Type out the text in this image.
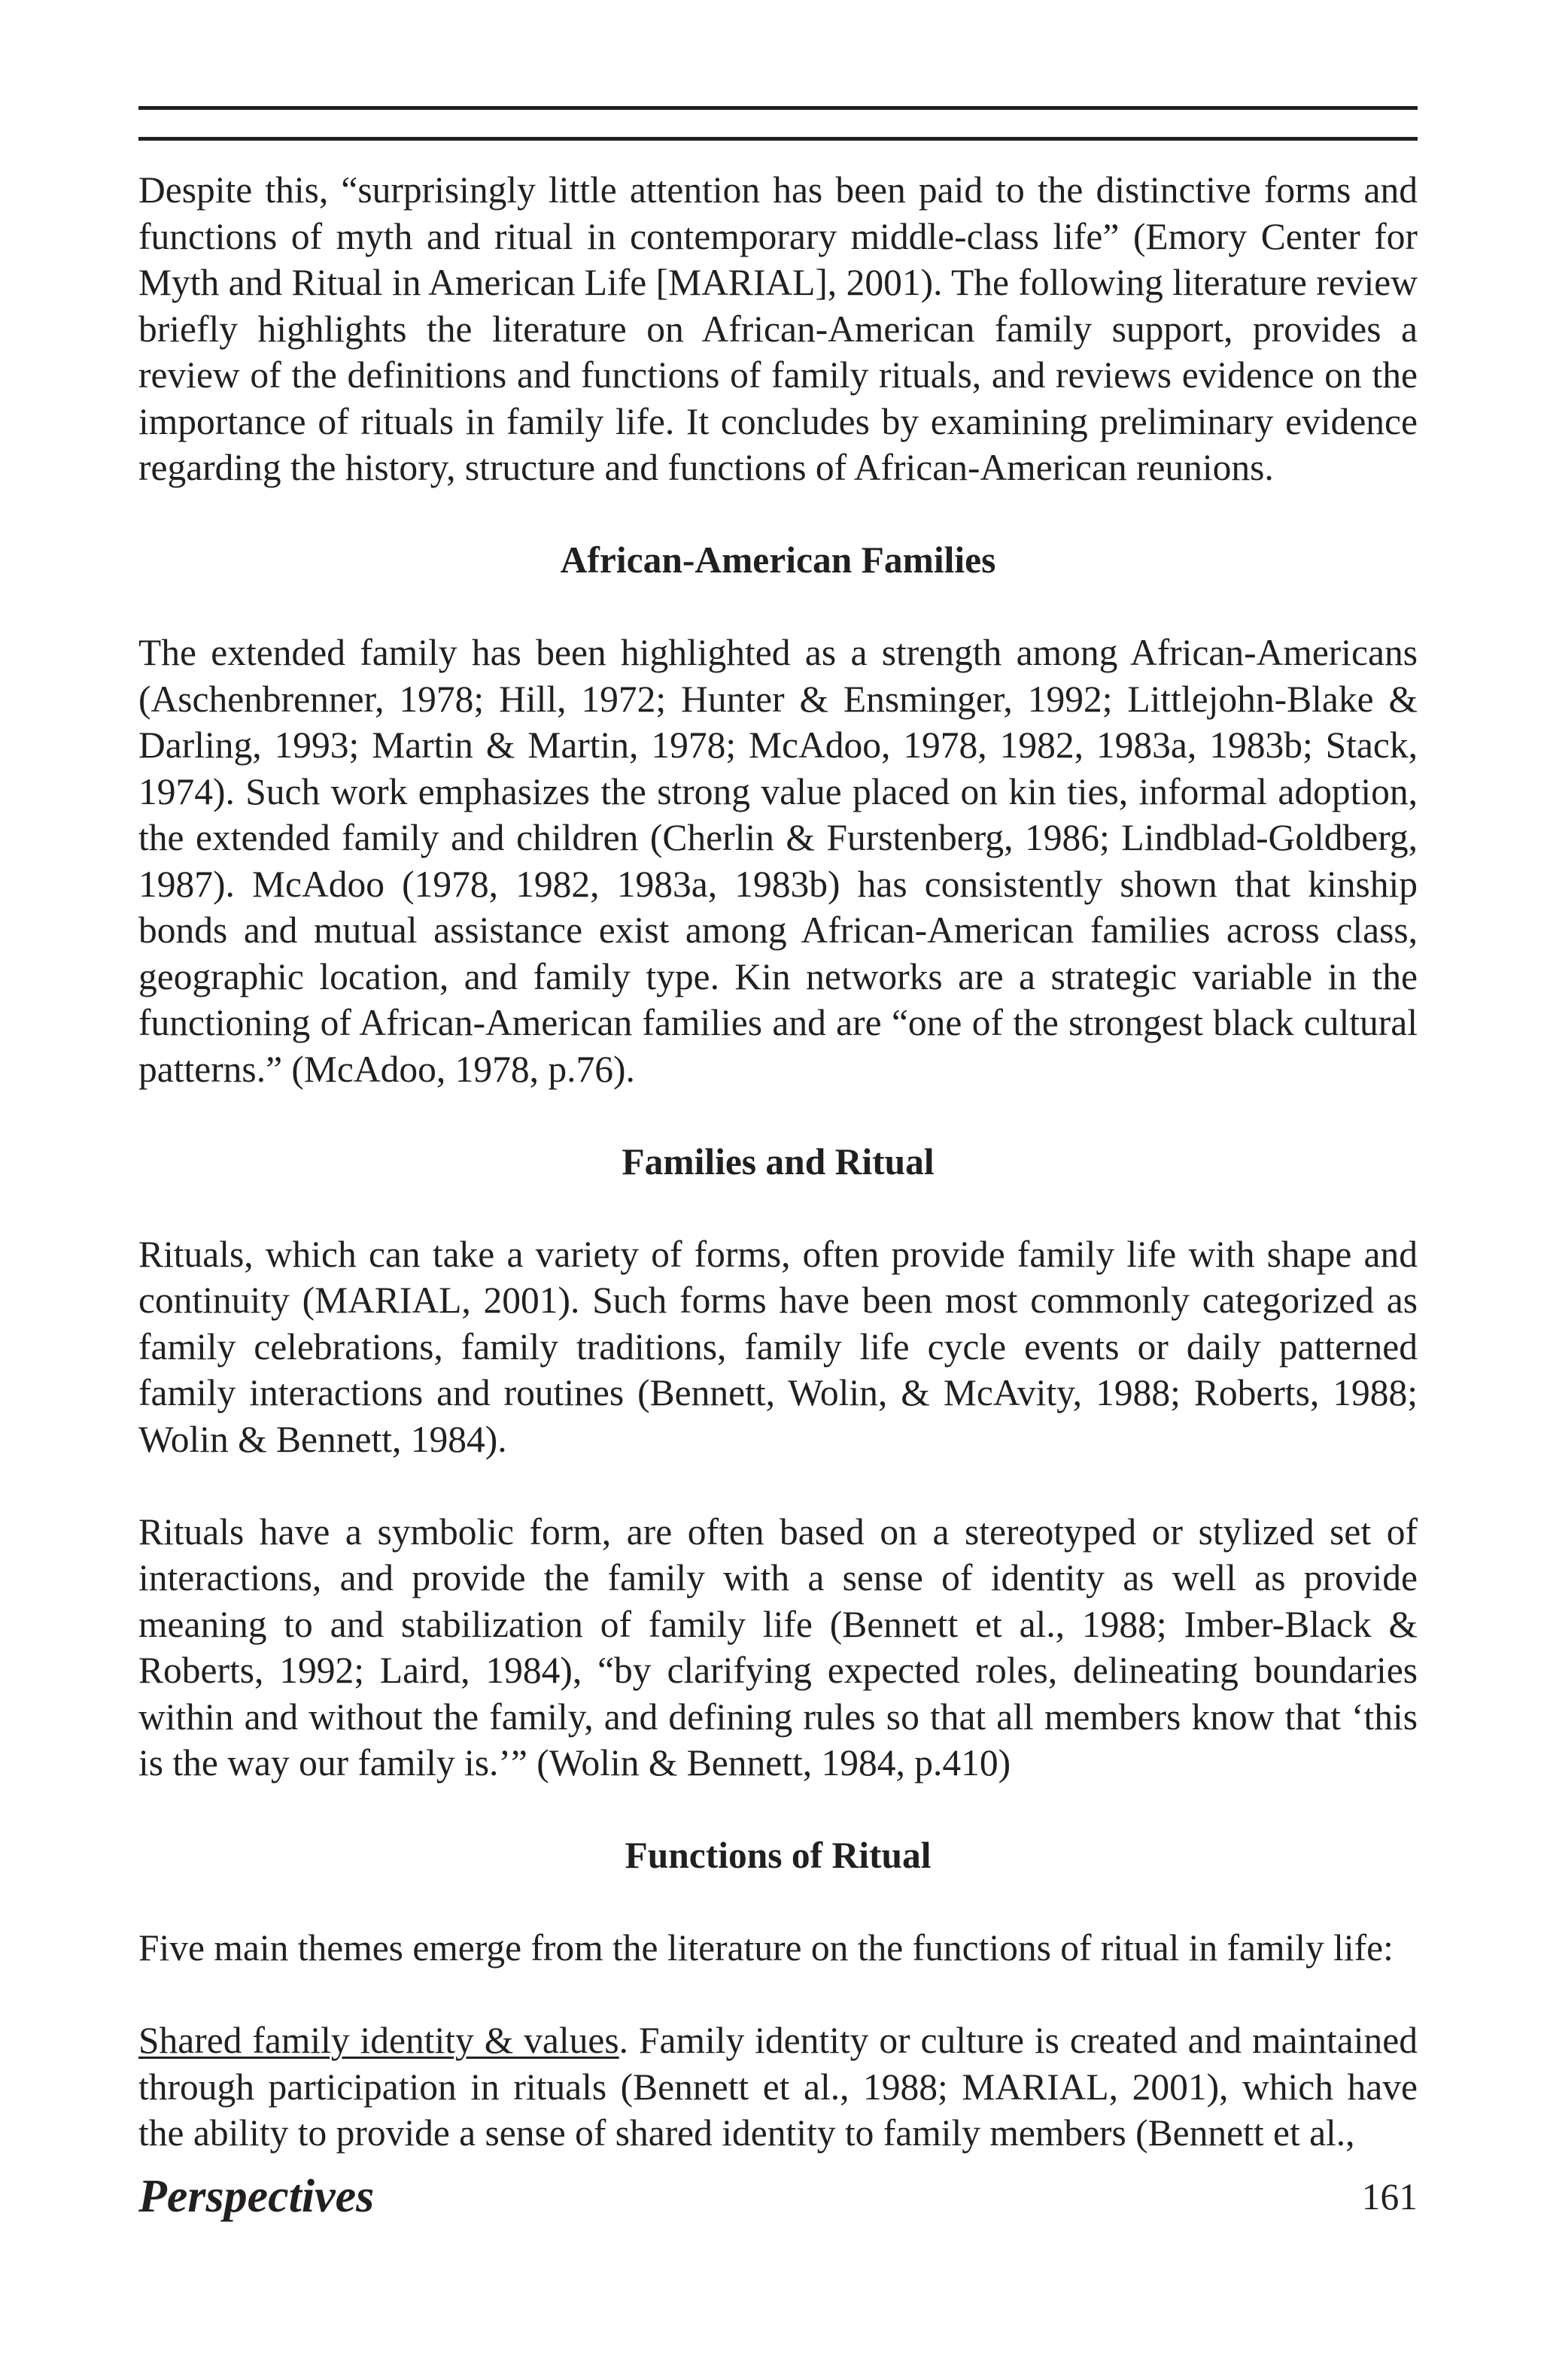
Despite this, “surprisingly little attention has been paid to the distinctive forms and functions of myth and ritual in contemporary middle-class life” (Emory Center for Myth and Ritual in American Life [MARIAL], 2001). The following literature review briefly highlights the literature on African-American family support, provides a review of the definitions and functions of family rituals, and reviews evidence on the importance of rituals in family life. It concludes by examining preliminary evidence regarding the history, structure and functions of African-American reunions.

African-American Families

The extended family has been highlighted as a strength among African-Americans (Aschenbrenner, 1978; Hill, 1972; Hunter & Ensminger, 1992; Littlejohn-Blake & Darling, 1993; Martin & Martin, 1978; McAdoo, 1978, 1982, 1983a, 1983b; Stack, 1974). Such work emphasizes the strong value placed on kin ties, informal adoption, the extended family and children (Cherlin & Furstenberg, 1986; Lindblad-Goldberg, 1987). McAdoo (1978, 1982, 1983a, 1983b) has consistently shown that kinship bonds and mutual assistance exist among African-American families across class, geographic location, and family type. Kin networks are a strategic variable in the functioning of African-American families and are “one of the strongest black cultural patterns.” (McAdoo, 1978, p.76).

Families and Ritual

Rituals, which can take a variety of forms, often provide family life with shape and continuity (MARIAL, 2001). Such forms have been most commonly categorized as family celebrations, family traditions, family life cycle events or daily patterned family interactions and routines (Bennett, Wolin, & McAvity, 1988; Roberts, 1988; Wolin & Bennett, 1984).

Rituals have a symbolic form, are often based on a stereotyped or stylized set of interactions, and provide the family with a sense of identity as well as provide meaning to and stabilization of family life (Bennett et al., 1988; Imber-Black & Roberts, 1992; Laird, 1984), “by clarifying expected roles, delineating boundaries within and without the family, and defining rules so that all members know that ‘this is the way our family is.’” (Wolin & Bennett, 1984, p.410)

Functions of Ritual

Five main themes emerge from the literature on the functions of ritual in family life:

Shared family identity & values. Family identity or culture is created and maintained through participation in rituals (Bennett et al., 1988; MARIAL, 2001), which have the ability to provide a sense of shared identity to family members (Bennett et al.,

Perspectives	161
